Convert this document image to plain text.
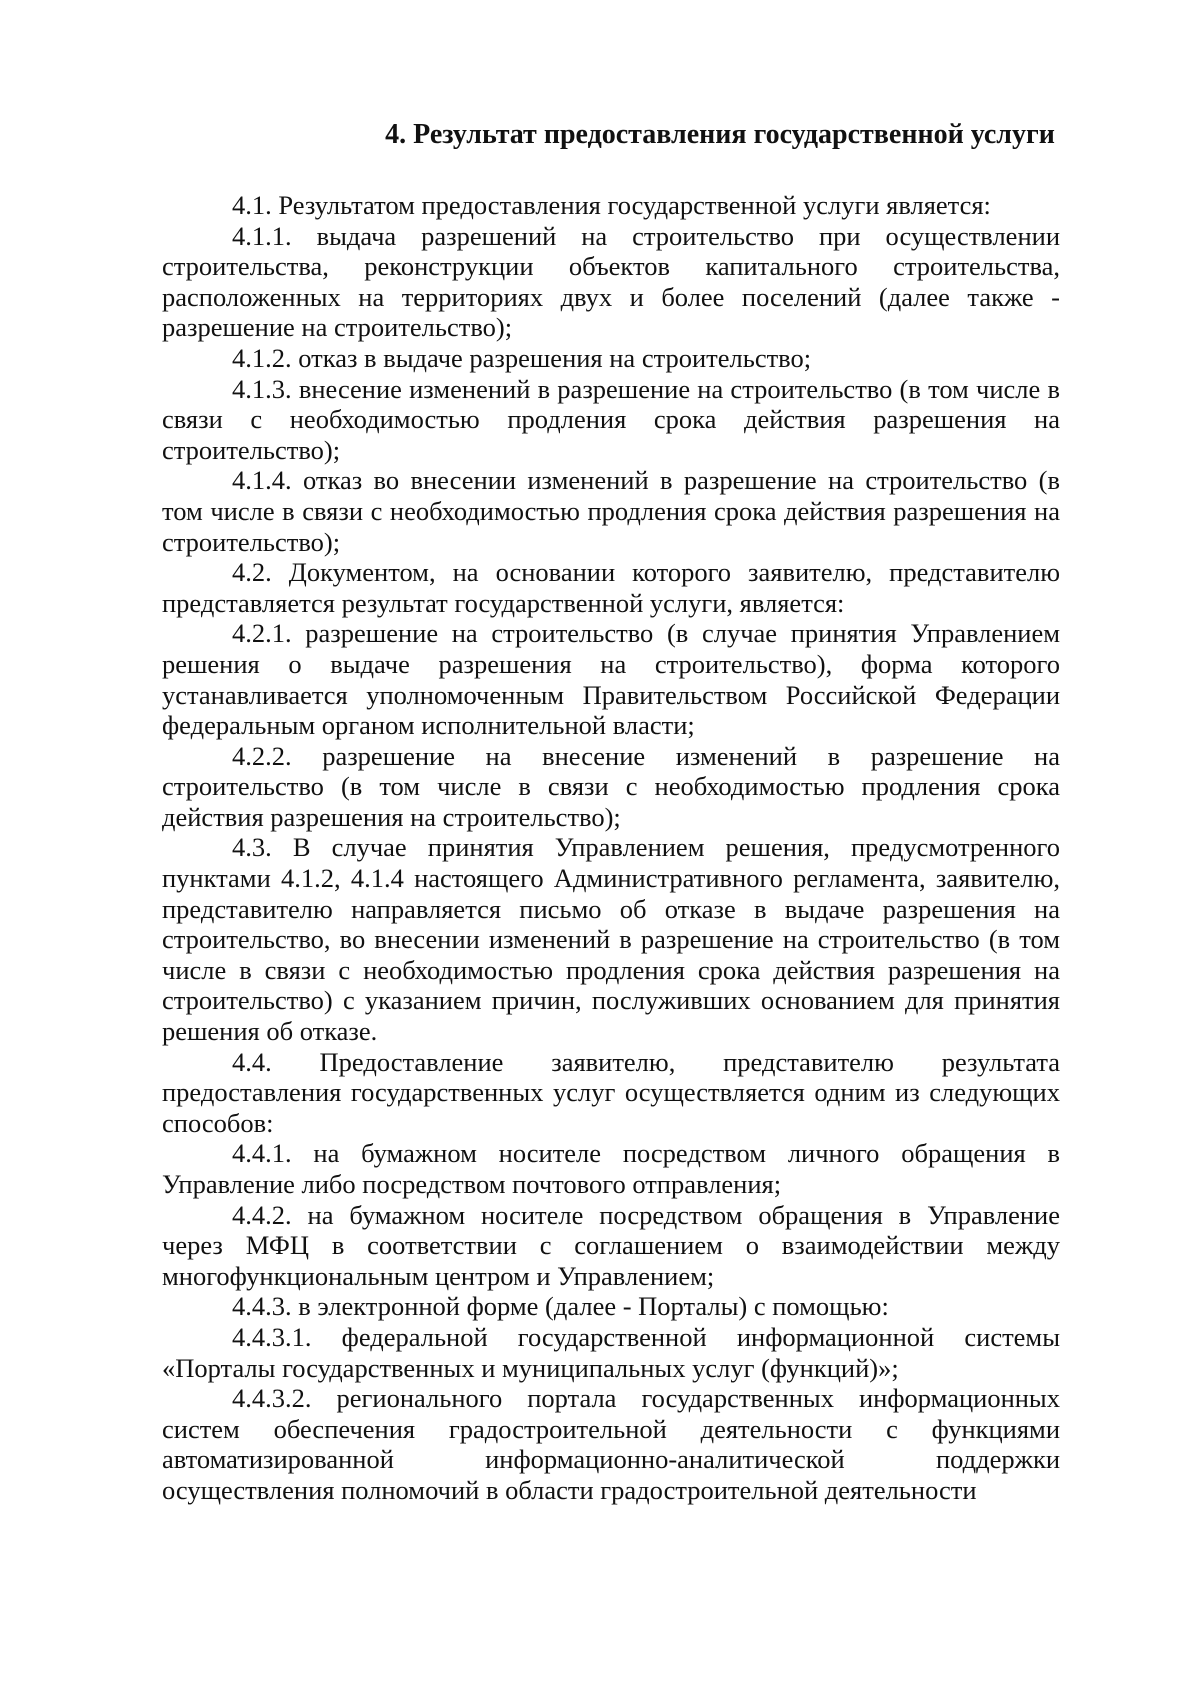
4. Результат предоставления государственной услуги

4.1. Результатом предоставления государственной услуги является:

4.1.1. выдача разрешений на строительство при осуществлении строительства, реконструкции объектов капитального строительства, расположенных на территориях двух и более поселений (далее также - разрешение на строительство);

4.1.2. отказ в выдаче разрешения на строительство;

4.1.3. внесение изменений в разрешение на строительство (в том числе в связи с необходимостью продления срока действия разрешения на строительство);

4.1.4. отказ во внесении изменений в разрешение на строительство (в том числе в связи с необходимостью продления срока действия разрешения на строительство);

4.2. Документом, на основании которого заявителю, представителю представляется результат государственной услуги, является:

4.2.1. разрешение на строительство (в случае принятия Управлением решения о выдаче разрешения на строительство), форма которого устанавливается уполномоченным Правительством Российской Федерации федеральным органом исполнительной власти;

4.2.2. разрешение на внесение изменений в разрешение на строительство (в том числе в связи с необходимостью продления срока действия разрешения на строительство);

4.3. В случае принятия Управлением решения, предусмотренного пунктами 4.1.2, 4.1.4 настоящего Административного регламента, заявителю, представителю направляется письмо об отказе в выдаче разрешения на строительство, во внесении изменений в разрешение на строительство (в том числе в связи с необходимостью продления срока действия разрешения на строительство) с указанием причин, послуживших основанием для принятия решения об отказе.

4.4. Предоставление заявителю, представителю результата предоставления государственных услуг осуществляется одним из следующих способов:

4.4.1. на бумажном носителе посредством личного обращения в Управление либо посредством почтового отправления;

4.4.2. на бумажном носителе посредством обращения в Управление через МФЦ в соответствии с соглашением о взаимодействии между многофункциональным центром и Управлением;

4.4.3. в электронной форме (далее - Порталы) с помощью:

4.4.3.1. федеральной государственной информационной системы «Порталы государственных и муниципальных услуг (функций)»;

4.4.3.2. регионального портала государственных информационных систем обеспечения градостроительной деятельности с функциями автоматизированной информационно-аналитической поддержки осуществления полномочий в области градостроительной деятельности
